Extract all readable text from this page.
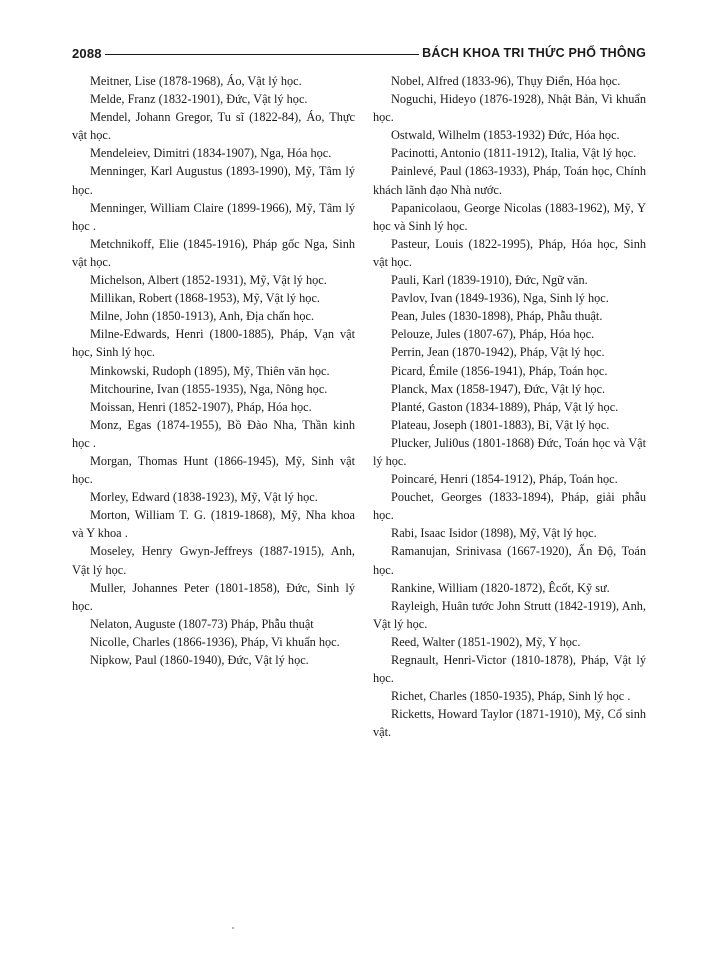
2088	BÁCH KHOA TRI THỨC PHỔ THÔNG

Meitner, Lise (1878-1968), Áo, Vật lý học.

Melde, Franz (1832-1901), Đức, Vật lý học.

Mendel, Johann Gregor, Tu sĩ (1822-84), Áo, Thực vật học.

Mendeleiev, Dimitri (1834-1907), Nga, Hóa học.

Menninger, Karl Augustus (1893-1990), Mỹ, Tâm lý học.

Menninger, William Claire (1899-1966), Mỹ, Tâm lý học .

Metchnikoff, Elie (1845-1916), Pháp gốc Nga, Sinh vật học.

Michelson, Albert (1852-1931), Mỹ, Vật lý học.

Millikan, Robert (1868-1953), Mỹ, Vật lý học.

Milne, John (1850-1913), Anh, Địa chấn học.

Milne-Edwards, Henri (1800-1885), Pháp, Vạn vật học, Sinh lý học.

Minkowski, Rudoph (1895), Mỹ, Thiên văn học.

Mitchourine, Ivan (1855-1935), Nga, Nông học.

Moissan, Henri (1852-1907), Pháp, Hóa học.

Monz, Egas (1874-1955), Bồ Đào Nha, Thần kinh học .

Morgan, Thomas Hunt (1866-1945), Mỹ, Sinh vật học.

Morley, Edward (1838-1923), Mỹ, Vật lý học.

Morton, William T. G. (1819-1868), Mỹ, Nha khoa và Y khoa .

Moseley, Henry Gwyn-Jeffreys (1887-1915), Anh, Vật lý học.

Muller, Johannes Peter (1801-1858), Đức, Sinh lý học.

Nelaton, Auguste (1807-73) Pháp, Phẫu thuật

Nicolle, Charles (1866-1936), Pháp, Vi khuẩn học.

Nipkow, Paul (1860-1940), Đức, Vật lý học.

Nobel, Alfred (1833-96), Thụy Điển, Hóa học.

Noguchi, Hideyo (1876-1928), Nhật Bản, Vi khuẩn học.

Ostwald, Wilhelm (1853-1932) Đức, Hóa học.

Pacinotti, Antonio (1811-1912), Italia, Vật lý học.

Painlevé, Paul (1863-1933), Pháp, Toán học, Chính khách lãnh đạo Nhà nước.

Papanicolaou, George Nicolas (1883-1962), Mỹ, Y học và Sinh lý học.

Pasteur, Louis (1822-1995), Pháp, Hóa học, Sinh vật học.

Pauli, Karl (1839-1910), Đức, Ngữ văn.

Pavlov, Ivan (1849-1936), Nga, Sinh lý học.

Pean, Jules (1830-1898), Pháp, Phẫu thuật.

Pelouze, Jules (1807-67), Pháp, Hóa học.

Perrin, Jean (1870-1942), Pháp, Vật lý học.

Picard, Émile (1856-1941), Pháp, Toán học.

Planck, Max (1858-1947), Đức, Vật lý học.

Planté, Gaston (1834-1889), Pháp, Vật lý học.

Plateau, Joseph (1801-1883), Bỉ, Vật lý học.

Plucker, Juli0us (1801-1868) Đức, Toán học và Vật lý học.

Poincaré, Henri (1854-1912), Pháp, Toán học.

Pouchet, Georges (1833-1894), Pháp, giải phẫu học.

Rabi, Isaac Isidor (1898), Mỹ, Vật lý học.

Ramanujan, Srinivasa (1667-1920), Ấn Độ, Toán học.

Rankine, William (1820-1872), Êcốt, Kỹ sư.

Rayleigh, Huân tước John Strutt (1842-1919), Anh, Vật lý học.

Reed, Walter (1851-1902), Mỹ, Y học.

Regnault, Henri-Victor (1810-1878), Pháp, Vật lý học.

Richet, Charles (1850-1935), Pháp, Sinh lý học .

Ricketts, Howard Taylor (1871-1910), Mỹ, Cổ sinh vật.
